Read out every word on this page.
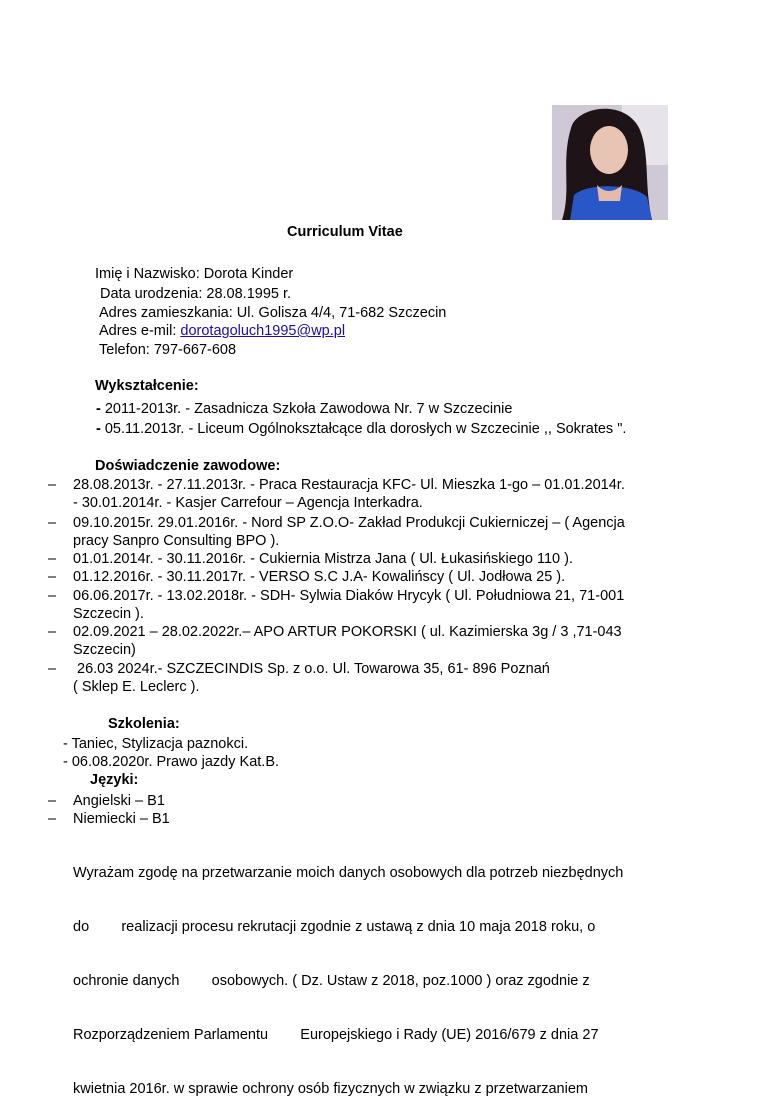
Curriculum Vitae
Imię i Nazwisko: Dorota Kinder
Data urodzenia: 28.08.1995 r.
Adres zamieszkania: Ul. Golisza 4/4, 71-682 Szczecin
Adres e-mil: dorotagoluch1995@wp.pl
Telefon: 797-667-608
Wykształcenie:
- 2011-2013r. - Zasadnicza Szkoła Zawodowa Nr. 7 w Szczecinie
- 05.11.2013r. - Liceum Ogólnokształcące dla dorosłych w Szczecinie ,, Sokrates ".
Doświadczenie zawodowe:
– 28.08.2013r. - 27.11.2013r. - Praca Restauracja KFC- Ul. Mieszka 1-go – 01.01.2014r.
- 30.01.2014r. - Kasjer Carrefour – Agencja Interkadra.
– 09.10.2015r. 29.01.2016r. - Nord SP Z.O.O- Zakład Produkcji Cukierniczej – ( Agencja
pracy Sanpro Consulting BPO ).
– 01.01.2014r. - 30.11.2016r. - Cukiernia Mistrza Jana ( Ul. Łukasińskiego 110 ).
– 01.12.2016r. - 30.11.2017r. - VERSO S.C J.A- Kowalińscy ( Ul. Jodłowa 25 ).
– 06.06.2017r. - 13.02.2018r. - SDH- Sylwia Diaków Hrycyk ( Ul. Południowa 21, 71-001
Szczecin ).
– 02.09.2021 – 28.02.2022r.– APO ARTUR POKORSKI ( ul. Kazimierska 3g / 3 ,71-043
Szczecin)
– 26.03 2024r.- SZCZECINDIS Sp. z o.o. Ul. Towarowa 35, 61- 896 Poznań
( Sklep E. Leclerc ).
Szkolenia:
- Taniec, Stylizacja paznokci.
- 06.08.2020r. Prawo jazdy Kat.B.
Języki:
– Angielski – B1
– Niemiecki – B1

Wyrażam zgodę na przetwarzanie moich danych osobowych dla potrzeb niezbędnych

do        realizacji procesu rekrutacji zgodnie z ustawą z dnia 10 maja 2018 roku, o

ochronie danych        osobowych. ( Dz. Ustaw z 2018, poz.1000 ) oraz zgodnie z

Rozporządzeniem Parlamentu        Europejskiego i Rady (UE) 2016/679 z dnia 27

kwietnia 2016r. w sprawie ochrony osób fizycznych w związku z przetwarzaniem
